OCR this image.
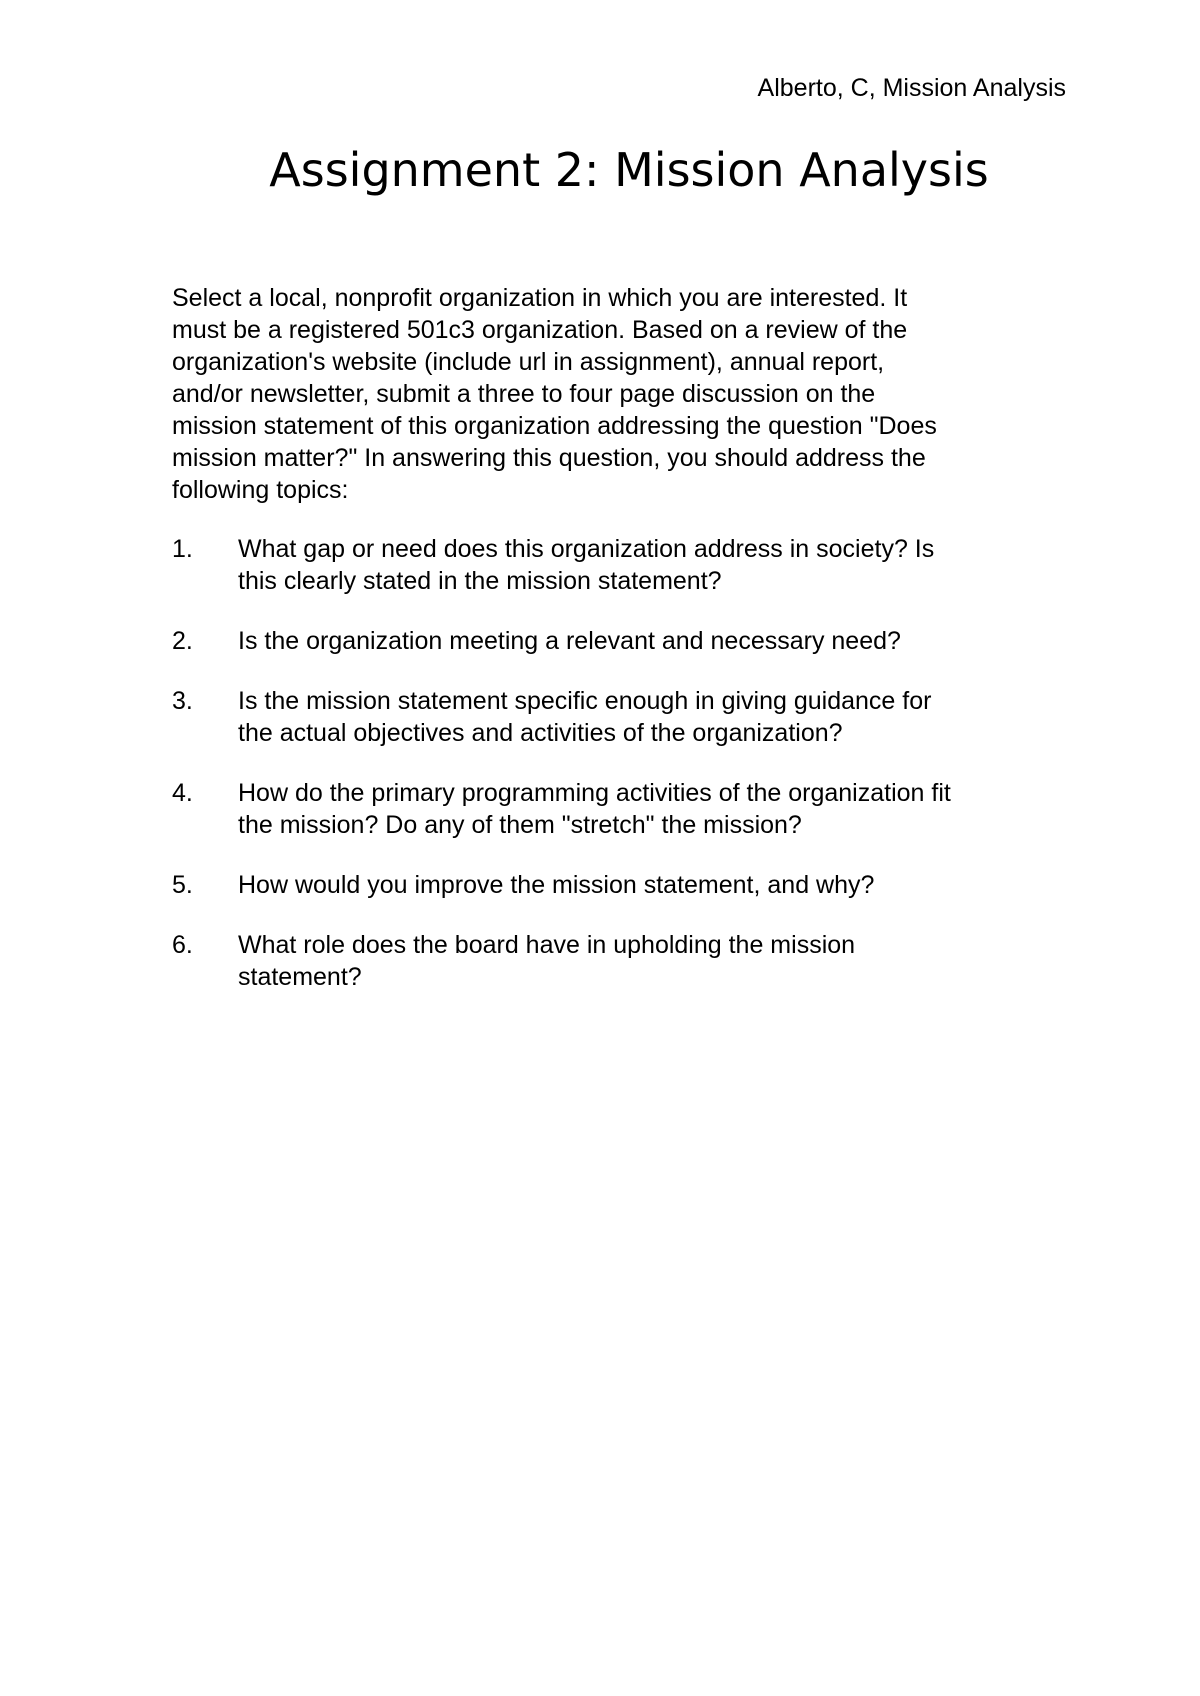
Alberto, C, Mission Analysis
Assignment 2: Mission Analysis
Select a local, nonprofit organization in which you are interested. It
must be a registered 501c3 organization. Based on a review of the
organization's website (include url in assignment), annual report,
and/or newsletter, submit a three to four page discussion on the
mission statement of this organization addressing the question "Does
mission matter?" In answering this question, you should address the
following topics:
1. What gap or need does this organization address in society? Is
this clearly stated in the mission statement?
2. Is the organization meeting a relevant and necessary need?
3. Is the mission statement specific enough in giving guidance for
the actual objectives and activities of the organization?
4. How do the primary programming activities of the organization fit
the mission? Do any of them "stretch" the mission?
5. How would you improve the mission statement, and why?
6. What role does the board have in upholding the mission
statement?
